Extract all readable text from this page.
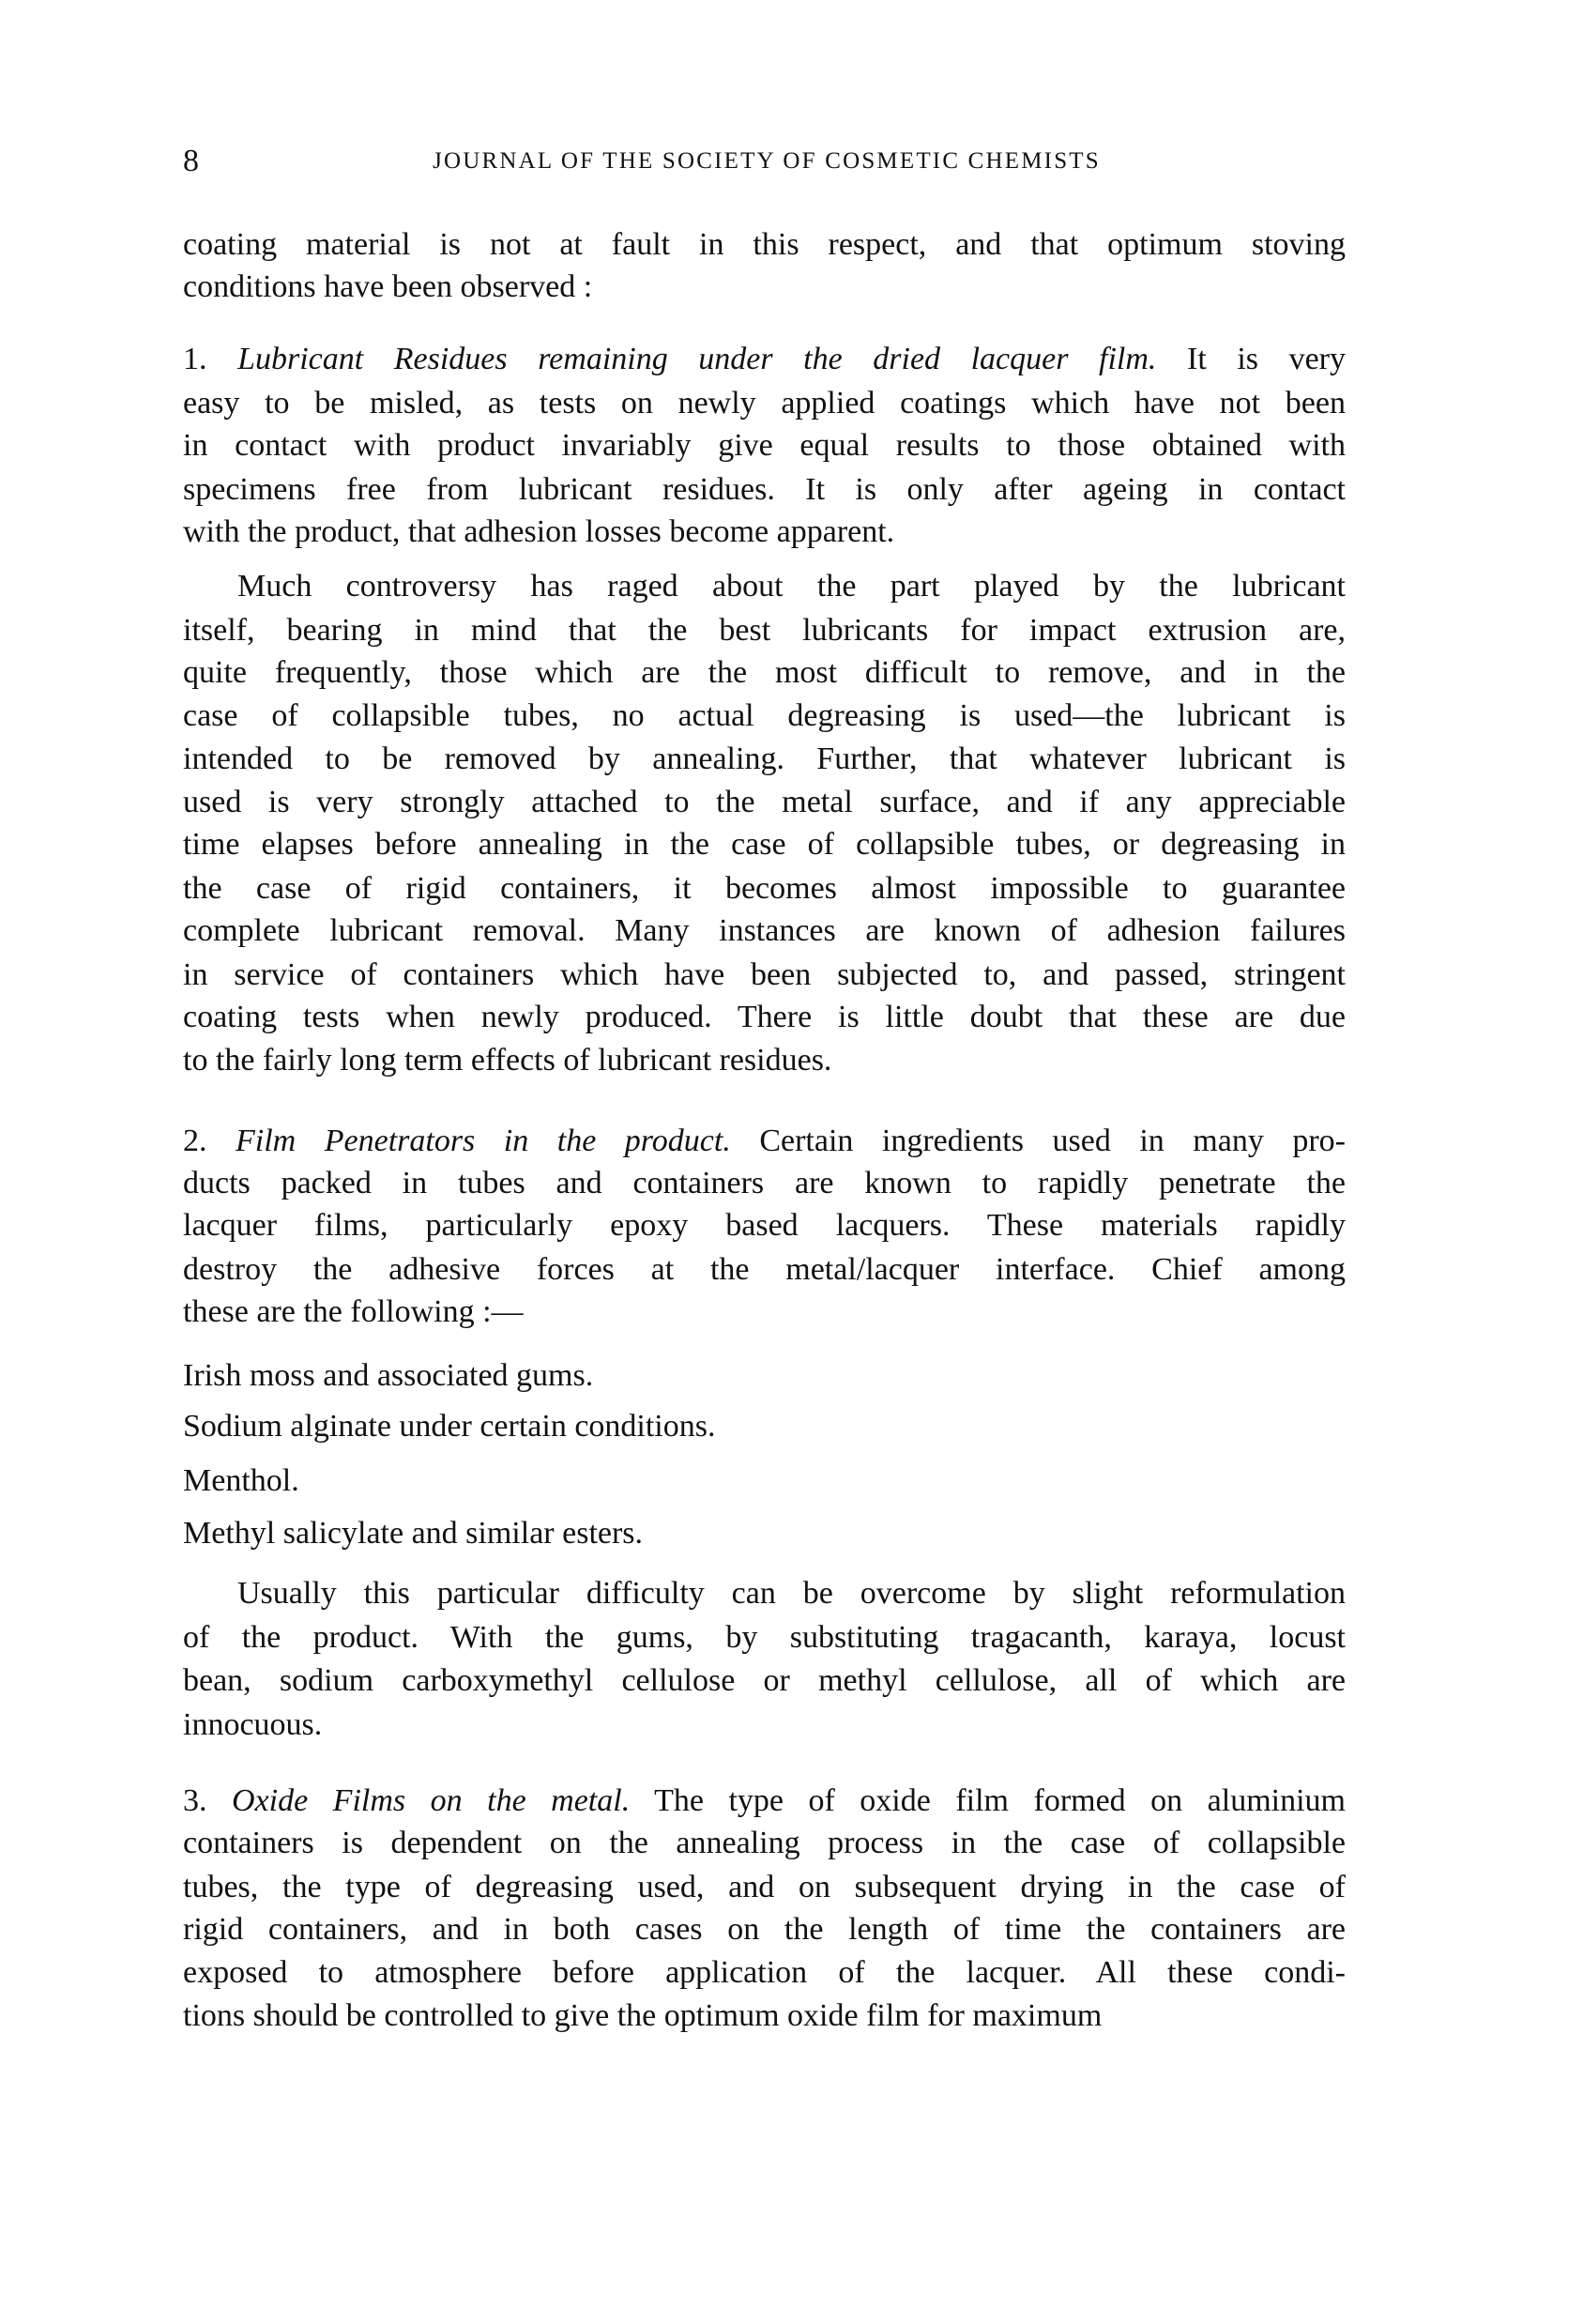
8	JOURNAL OF THE SOCIETY OF COSMETIC CHEMISTS
coating material is not at fault in this respect, and that optimum stoving
conditions have been observed :
1. Lubricant Residues remaining under the dried lacquer film. It is very
easy to be misled, as tests on newly applied coatings which have not been
in contact with product invariably give equal results to those obtained with
specimens free from lubricant residues. It is only after ageing in contact
with the product, that adhesion losses become apparent.
Much controversy has raged about the part played by the lubricant
itself, bearing in mind that the best lubricants for impact extrusion are,
quite frequently, those which are the most difficult to remove, and in the
case of collapsible tubes, no actual degreasing is used—the lubricant is
intended to be removed by annealing. Further, that whatever lubricant is
used is very strongly attached to the metal surface, and if any appreciable
time elapses before annealing in the case of collapsible tubes, or degreasing in
the case of rigid containers, it becomes almost impossible to guarantee
complete lubricant removal. Many instances are known of adhesion failures
in service of containers which have been subjected to, and passed, stringent
coating tests when newly produced. There is little doubt that these are due
to the fairly long term effects of lubricant residues.
2. Film Penetrators in the product. Certain ingredients used in many pro-
ducts packed in tubes and containers are known to rapidly penetrate the
lacquer films, particularly epoxy based lacquers. These materials rapidly
destroy the adhesive forces at the metal/lacquer interface. Chief among
these are the following :—
Irish moss and associated gums.
Sodium alginate under certain conditions.
Menthol.
Methyl salicylate and similar esters.
Usually this particular difficulty can be overcome by slight reformulation
of the product. With the gums, by substituting tragacanth, karaya, locust
bean, sodium carboxymethyl cellulose or methyl cellulose, all of which are
innocuous.
3. Oxide Films on the metal. The type of oxide film formed on aluminium
containers is dependent on the annealing process in the case of collapsible
tubes, the type of degreasing used, and on subsequent drying in the case of
rigid containers, and in both cases on the length of time the containers are
exposed to atmosphere before application of the lacquer. All these condi-
tions should be controlled to give the optimum oxide film for maximum
